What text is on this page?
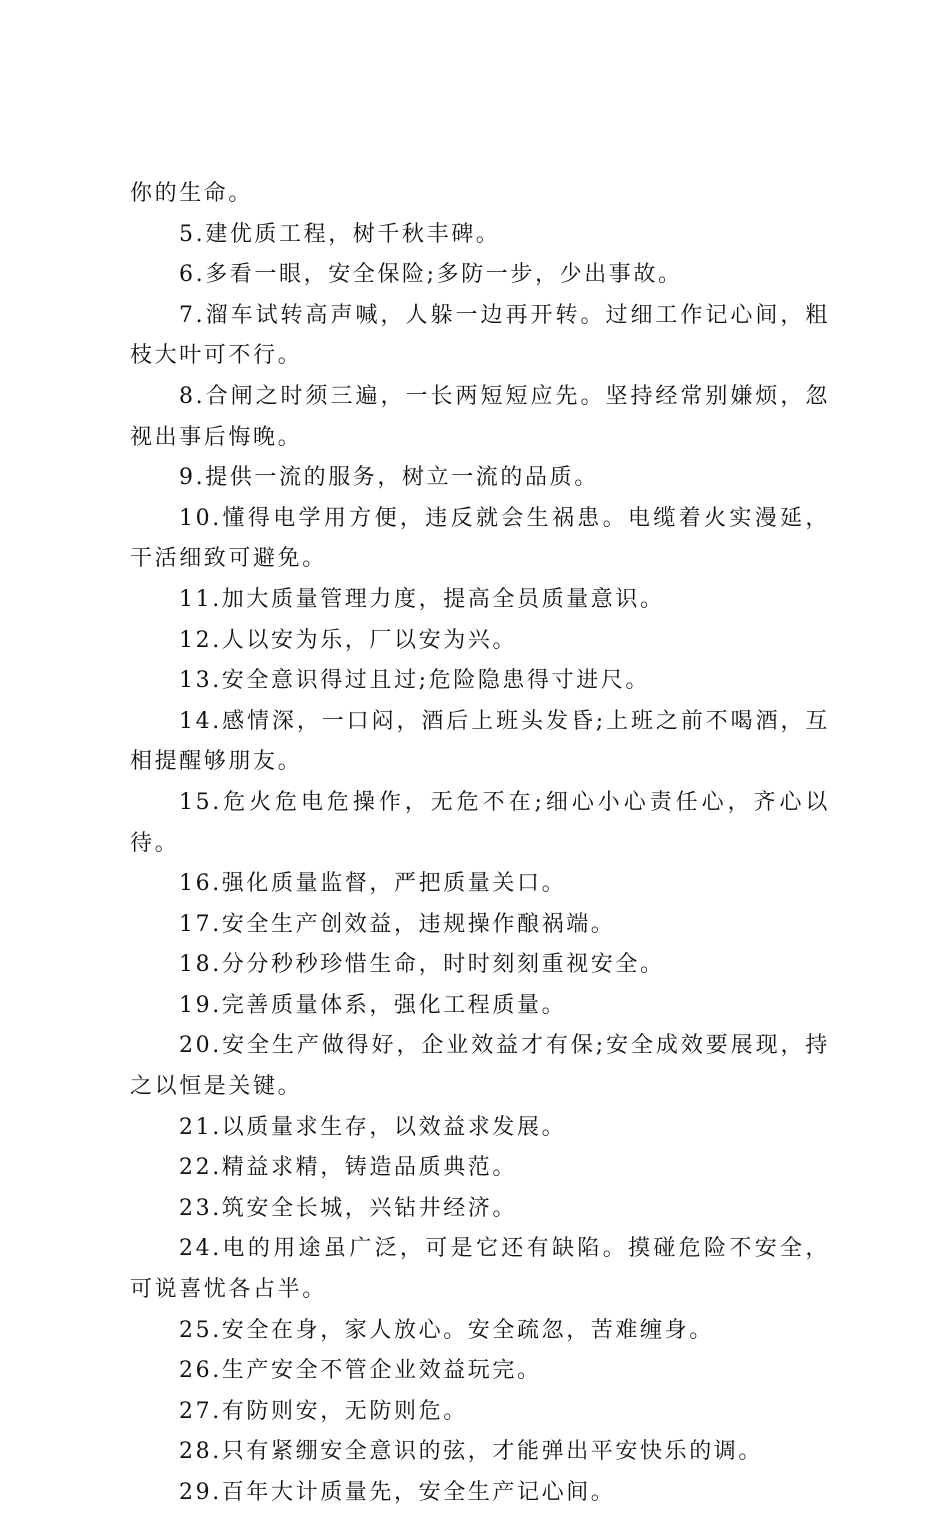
你的生命。

5.建优质工程，树千秋丰碑。

6.多看一眼，安全保险;多防一步，少出事故。

7.溜车试转高声喊，人躲一边再开转。过细工作记心间，粗枝大叶可不行。

8.合闸之时须三遍，一长两短短应先。坚持经常别嫌烦，忽视出事后悔晚。

9.提供一流的服务，树立一流的品质。

10.懂得电学用方便，违反就会生祸患。电缆着火实漫延，干活细致可避免。

11.加大质量管理力度，提高全员质量意识。

12.人以安为乐，厂以安为兴。

13.安全意识得过且过;危险隐患得寸进尺。

14.感情深，一口闷，酒后上班头发昏;上班之前不喝酒，互相提醒够朋友。

15.危火危电危操作，无危不在;细心小心责任心，齐心以待。

16.强化质量监督，严把质量关口。

17.安全生产创效益，违规操作酿祸端。

18.分分秒秒珍惜生命，时时刻刻重视安全。

19.完善质量体系，强化工程质量。

20.安全生产做得好，企业效益才有保;安全成效要展现，持之以恒是关键。

21.以质量求生存，以效益求发展。

22.精益求精，铸造品质典范。

23.筑安全长城，兴钻井经济。

24.电的用途虽广泛，可是它还有缺陷。摸碰危险不安全，可说喜忧各占半。

25.安全在身，家人放心。安全疏忽，苦难缠身。

26.生产安全不管企业效益玩完。

27.有防则安，无防则危。

28.只有紧绷安全意识的弦，才能弹出平安快乐的调。

29.百年大计质量先，安全生产记心间。
